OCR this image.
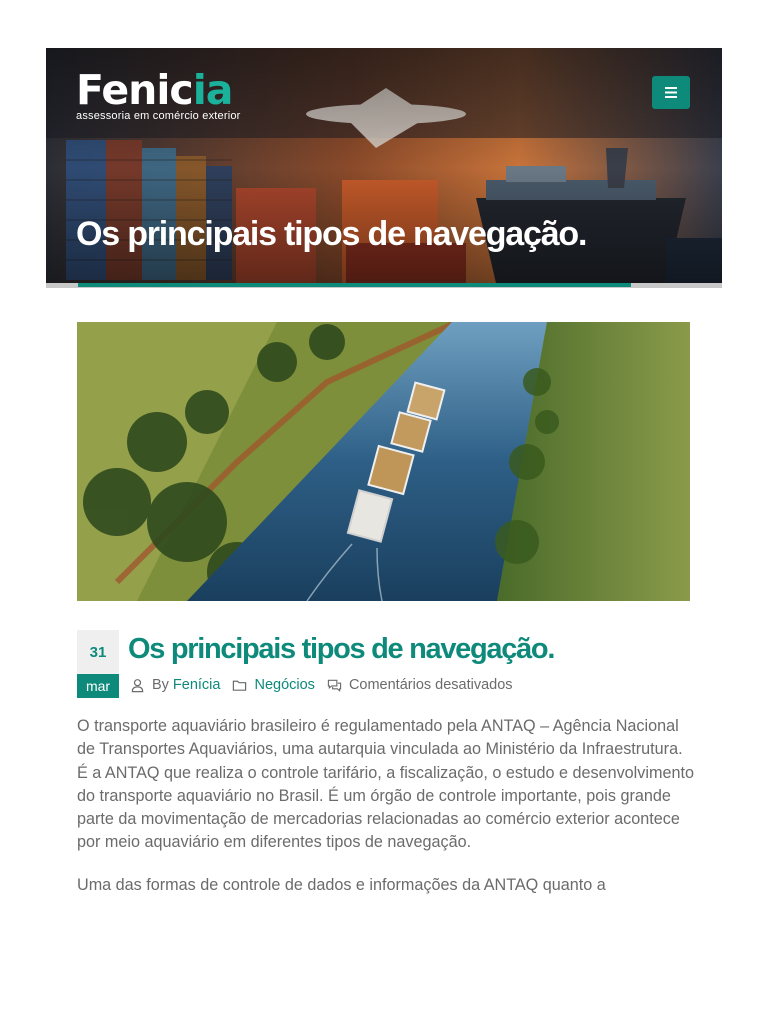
Fenicia
assessoria em comércio exterior
Os principais tipos de navegação.
31
mar
Os principais tipos de navegação.
By Fenícia Negócios Comentários desativados

O transporte aquaviário brasileiro é regulamentado pela ANTAQ – Agência Nacional de Transportes Aquaviários, uma autarquia vinculada ao Ministério da Infraestrutura. É a ANTAQ que realiza o controle tarifário, a fiscalização, o estudo e desenvolvimento do transporte aquaviário no Brasil. É um órgão de controle importante, pois grande parte da movimentação de mercadorias relacionadas ao comércio exterior acontece por meio aquaviário em diferentes tipos de navegação.

Uma das formas de controle de dados e informações da ANTAQ quanto a
